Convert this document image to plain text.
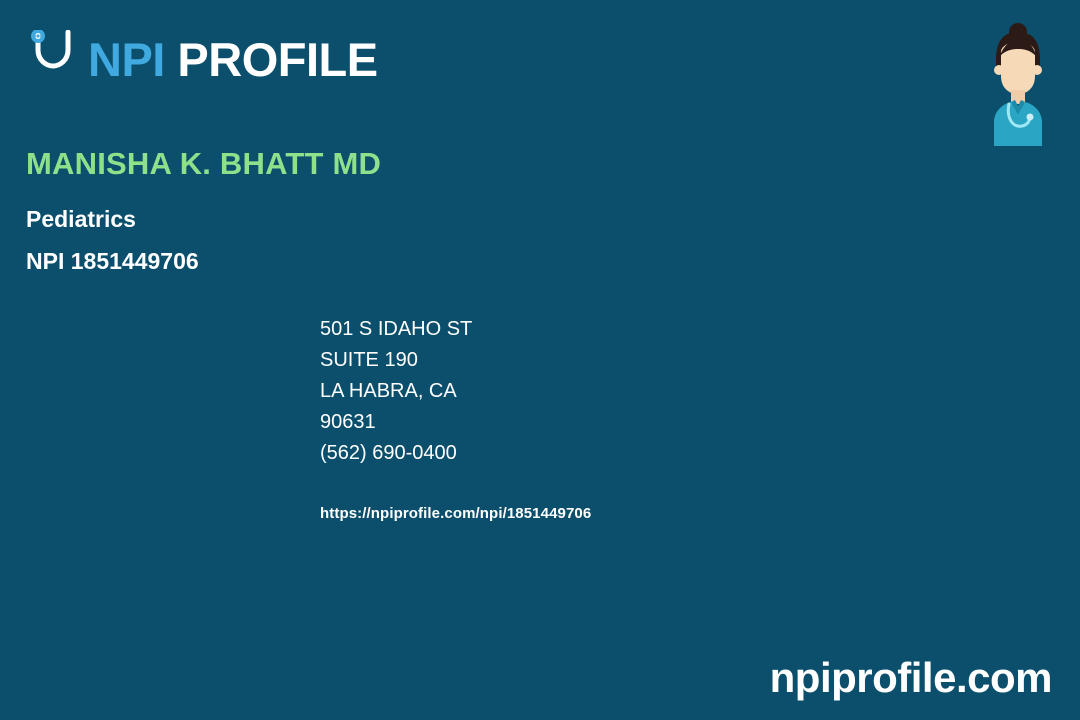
NPI PROFILE
MANISHA K. BHATT MD
Pediatrics
NPI 1851449706
501 S IDAHO ST
SUITE 190
LA HABRA, CA
90631
(562) 690-0400
https://npiprofile.com/npi/1851449706
npiprofile.com
